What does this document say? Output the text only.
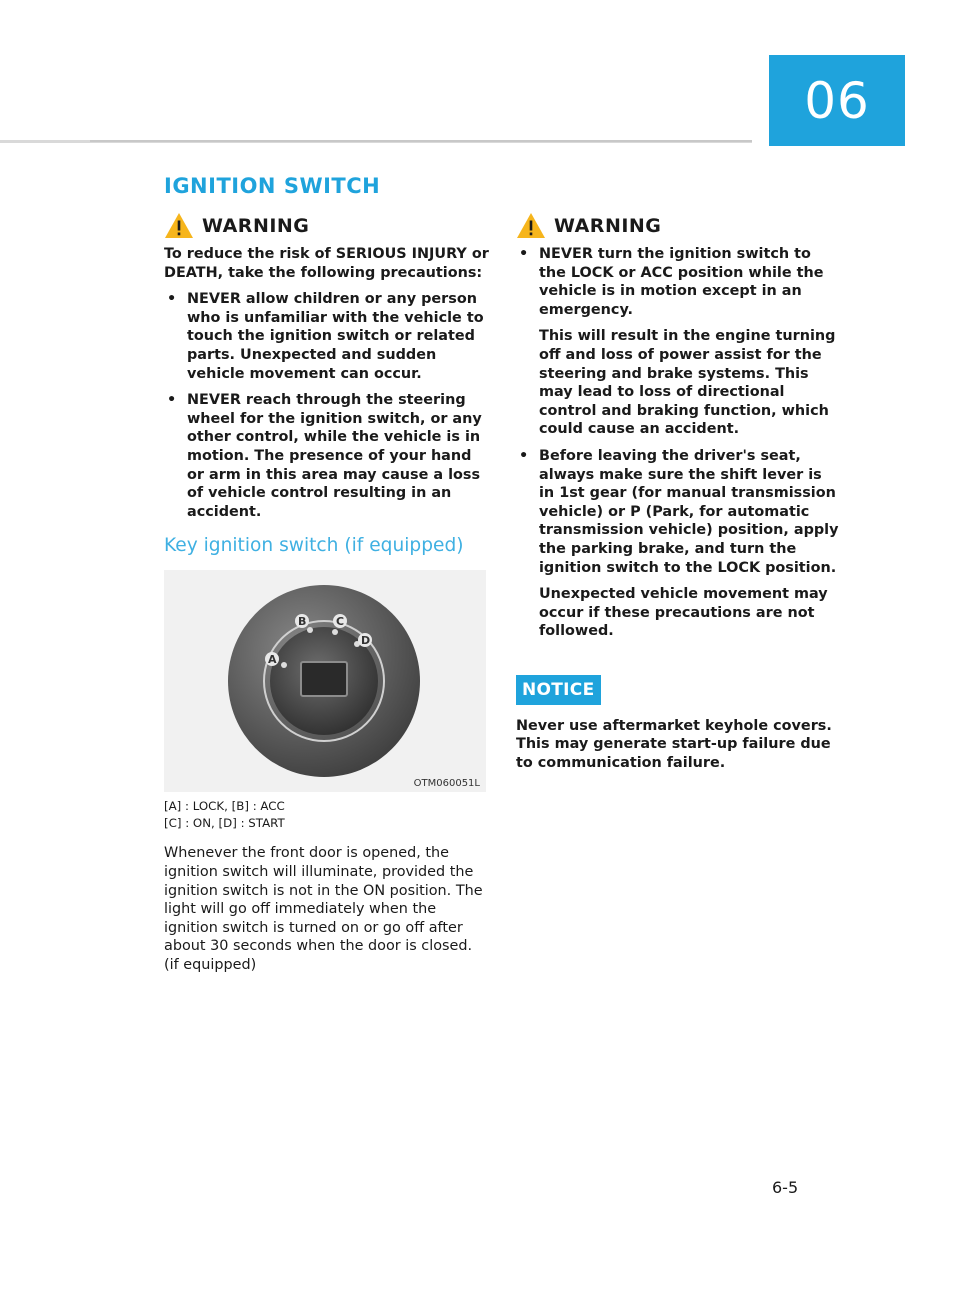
06
IGNITION SWITCH
WARNING

To reduce the risk of SERIOUS INJURY or DEATH, take the following precautions:

• NEVER allow children or any person who is unfamiliar with the vehicle to touch the ignition switch or related parts. Unexpected and sudden vehicle movement can occur.

• NEVER reach through the steering wheel for the ignition switch, or any other control, while the vehicle is in motion. The presence of your hand or arm in this area may cause a loss of vehicle control resulting in an accident.

Key ignition switch (if equipped)
A
B	C
D
OTM060051L

[A] : LOCK, [B] : ACC

[C] : ON, [D] : START

Whenever the front door is opened, the ignition switch will illuminate, provided the ignition switch is not in the ON position. The light will go off immediately when the ignition switch is turned on or go off after about 30 seconds when the door is closed. (if equipped)

WARNING
• NEVER turn the ignition switch to the LOCK or ACC position while the vehicle is in motion except in an emergency.

This will result in the engine turning off and loss of power assist for the steering and brake systems. This may lead to loss of directional control and braking function, which could cause an accident.

• Before leaving the driver's seat, always make sure the shift lever is in 1st gear (for manual transmission vehicle) or P (Park, for automatic transmission vehicle) position, apply the parking brake, and turn the ignition switch to the LOCK position.

Unexpected vehicle movement may occur if these precautions are not followed.

NOTICE

Never use aftermarket keyhole covers. This may generate start-up failure due to communication failure.

6-5
